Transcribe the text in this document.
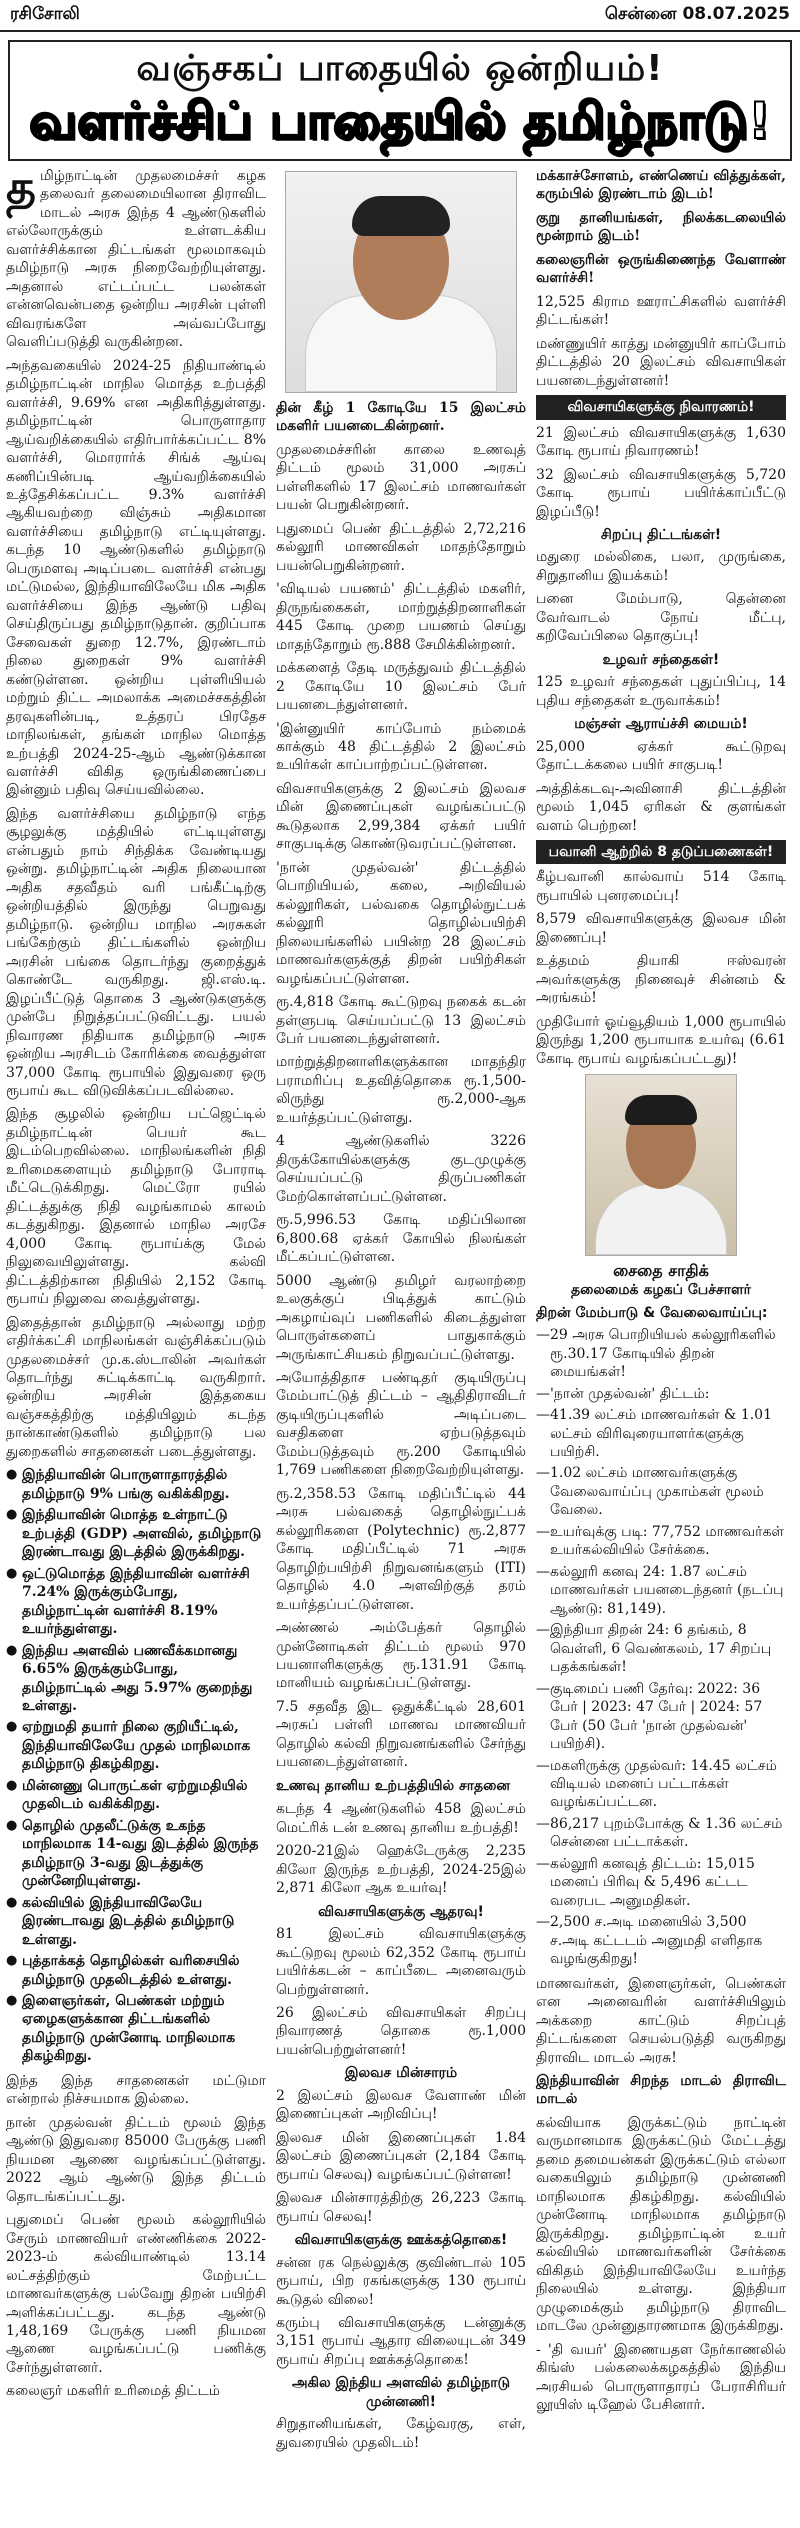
ரசிசோலி	சென்னை 08.07.2025
வஞ்சகப் பாதையில் ஒன்றியம்!
வளர்ச்சிப் பாதையில் தமிழ்நாடு!

தமிழ்நாட்டின் முதலமைச்சர் கழக தலைவர் தலைமையிலான திராவிட மாடல் அரசு இந்த 4 ஆண்டுகளில் எல்லோருக்கும் உள்ளடக்கிய வளர்ச்சிக்கான திட்டங்கள் மூலமாகவும் தமிழ்நாடு அரசு நிறைவேற்றியுள்ளது. அதனால் எட்டப்பட்ட பலன்கள் என்னவென்பதை ஒன்றிய அரசின் புள்ளி விவரங்களே அவ்வப்போது வெளிப்படுத்தி வருகின்றன.

அந்தவகையில் 2024-25 நிதியாண்டில் தமிழ்நாட்டின் மாநில மொத்த உற்பத்தி வளர்ச்சி, 9.69% என அதிகரித்துள்ளது. தமிழ்நாட்டின் பொருளாதார ஆய்வறிக்கையில் எதிர்பார்க்கப்பட்ட 8% வளர்ச்சி, மொரார்க் சிங்க் ஆய்வு கணிப்பின்படி ஆய்வறிக்கையில் உத்தேசிக்கப்பட்ட 9.3% வளர்ச்சி ஆகியவற்றை விஞ்சும் அதிகமான வளர்ச்சியை தமிழ்நாடு எட்டியுள்ளது. கடந்த 10 ஆண்டுகளில் தமிழ்நாடு பெருமளவு அடிப்படை வளர்ச்சி என்பது மட்டுமல்ல, இந்தியாவிலேயே மிக அதிக வளர்ச்சியை இந்த ஆண்டு பதிவு செய்திருப்பது தமிழ்நாடுதான். குறிப்பாக சேவைகள் துறை 12.7%, இரண்டாம் நிலை துறைகள் 9% வளர்ச்சி கண்டுள்ளன. ஒன்றிய புள்ளியியல் மற்றும் திட்ட அமலாக்க அமைச்சகத்தின் தரவுகளின்படி, உத்தரப் பிரதேச மாநிலங்கள், தங்கள் மாநில மொத்த உற்பத்தி 2024-25-ஆம் ஆண்டுக்கான வளர்ச்சி விகித ஒருங்கிணைப்பை இன்னும் பதிவு செய்யவில்லை.

இந்த வளர்ச்சியை தமிழ்நாடு எந்த சூழலுக்கு மத்தியில் எட்டியுள்ளது என்பதும் நாம் சிந்திக்க வேண்டியது ஒன்று. தமிழ்நாட்டின் அதிக நிலையான அதிக சதவீதம் வரி பங்கீட்டிற்கு ஒன்றியத்தில் இருந்து பெறுவது தமிழ்நாடு. ஒன்றிய மாநில அரசுகள் பங்கேற்கும் திட்டங்களில் ஒன்றிய அரசின் பங்கை தொடர்ந்து குறைத்துக் கொண்டே வருகிறது. ஜி.எஸ்.டி. இழப்பீட்டுத் தொகை 3 ஆண்டுகளுக்கு முன்பே நிறுத்தப்பட்டுவிட்டது. பயல் நிவாரண நிதியாக தமிழ்நாடு அரசு ஒன்றிய அரசிடம் கோரிக்கை வைத்துள்ள 37,000 கோடி ரூபாயில் இதுவரை ஒரு ரூபாய் கூட விடுவிக்கப்படவில்லை.

இந்த சூழலில் ஒன்றிய பட்ஜெட்டில் தமிழ்நாட்டின் பெயர் கூட இடம்பெறவில்லை. மாநிலங்களின் நிதி உரிமைகளையும் தமிழ்நாடு போராடி மீட்டெடுக்கிறது. மெட்ரோ ரயில் திட்டத்துக்கு நிதி வழங்காமல் காலம் கடத்துகிறது. இதனால் மாநில அரசே 4,000 கோடி ரூபாய்க்கு மேல் நிலுவையிலுள்ளது. கல்வி திட்டத்திற்கான நிதியில் 2,152 கோடி ரூபாய் நிலுவை வைத்துள்ளது.

இதைத்தான் தமிழ்நாடு அல்லாது மற்ற எதிர்க்கட்சி மாநிலங்கள் வஞ்சிக்கப்படும் முதலமைச்சர் மு.க.ஸ்டாலின் அவர்கள் தொடர்ந்து சுட்டிக்காட்டி வருகிறார். ஒன்றிய அரசின் இத்தகைய வஞ்சகத்திற்கு மத்தியிலும் கடந்த நான்காண்டுகளில் தமிழ்நாடு பல துறைகளில் சாதனைகள் படைத்துள்ளது.

● இந்தியாவின் பொருளாதாரத்தில் தமிழ்நாடு 9% பங்கு வகிக்கிறது.
● இந்தியாவின் மொத்த உள்நாட்டு உற்பத்தி (GDP) அளவில், தமிழ்நாடு இரண்டாவது இடத்தில் இருக்கிறது.
● ஒட்டுமொத்த இந்தியாவின் வளர்ச்சி 7.24% இருக்கும்போது, தமிழ்நாட்டின் வளர்ச்சி 8.19% உயர்ந்துள்ளது.
● இந்திய அளவில் பணவீக்கமானது 6.65% இருக்கும்போது, தமிழ்நாட்டில் அது 5.97% குறைந்து உள்ளது.
● ஏற்றுமதி தயார் நிலை குறியீட்டில், இந்தியாவிலேயே முதல் மாநிலமாக தமிழ்நாடு திகழ்கிறது.
● மின்னணு பொருட்கள் ஏற்றுமதியில் முதலிடம் வகிக்கிறது.
● தொழில் முதலீட்டுக்கு உகந்த மாநிலமாக 14-வது இடத்தில் இருந்த தமிழ்நாடு 3-வது இடத்துக்கு முன்னேறியுள்ளது.
● கல்வியில் இந்தியாவிலேயே இரண்டாவது இடத்தில் தமிழ்நாடு உள்ளது.
● புத்தாக்கத் தொழில்கள் வரிசையில் தமிழ்நாடு முதலிடத்தில் உள்ளது.
● இளைஞர்கள், பெண்கள் மற்றும் ஏழைகளுக்கான திட்டங்களில் தமிழ்நாடு முன்னோடி மாநிலமாக திகழ்கிறது.

இந்த இந்த சாதனைகள் மட்டுமா என்றால் நிச்சயமாக இல்லை.

நான் முதல்வன் திட்டம் மூலம் இந்த ஆண்டு இதுவரை 85000 பேருக்கு பணி நியமன ஆணை வழங்கப்பட்டுள்ளது. 2022 ஆம் ஆண்டு இந்த திட்டம் தொடங்கப்பட்டது.

புதுமைப் பெண் மூலம் கல்லூரியில் சேரும் மாணவியர் எண்ணிக்கை 2022-2023-ம் கல்வியாண்டில் 13.14 லட்சத்திற்கும் மேற்பட்ட மாணவர்களுக்கு பல்வேறு திறன் பயிற்சி அளிக்கப்பட்டது. கடந்த ஆண்டு 1,48,169 பேருக்கு பணி நியமன ஆணை வழங்கப்பட்டு பணிக்கு சேர்ந்துள்ளனர்.

கலைஞர் மகளிர் உரிமைத் திட்டம்

தின் கீழ் 1 கோடியே 15 இலட்சம் மகளிர் பயனடைகின்றனர்.

முதலமைச்சரின் காலை உணவுத் திட்டம் மூலம் 31,000 அரசுப் பள்ளிகளில் 17 இலட்சம் மாணவர்கள் பயன் பெறுகின்றனர்.

புதுமைப் பெண் திட்டத்தில் 2,72,216 கல்லூரி மாணவிகள் மாதந்தோறும் பயன்பெறுகின்றனர்.

'விடியல் பயணம்' திட்டத்தில் மகளிர், திருநங்கைகள், மாற்றுத்திறனாளிகள் 445 கோடி முறை பயணம் செய்து மாதந்தோறும் ரூ.888 சேமிக்கின்றனர்.

மக்களைத் தேடி மருத்துவம் திட்டத்தில் 2 கோடியே 10 இலட்சம் பேர் பயனடைந்துள்ளனர்.

'இன்னுயிர் காப்போம் நம்மைக் காக்கும் 48 திட்டத்தில் 2 இலட்சம் உயிர்கள் காப்பாற்றப்பட்டுள்ளன.

விவசாயிகளுக்கு 2 இலட்சம் இலவச மின் இணைப்புகள் வழங்கப்பட்டு கூடுதலாக 2,99,384 ஏக்கர் பயிர் சாகுபடிக்கு கொண்டுவரப்பட்டுள்ளன.

'நான் முதல்வன்' திட்டத்தில் பொறியியல், கலை, அறிவியல் கல்லூரிகள், பல்வகை தொழில்நுட்பக் கல்லூரி தொழில்பயிற்சி நிலையங்களில் பயின்ற 28 இலட்சம் மாணவர்களுக்குத் திறன் பயிற்சிகள் வழங்கப்பட்டுள்ளன.

ரூ.4,818 கோடி கூட்டுறவு நகைக் கடன் தள்ளுபடி செய்யப்பட்டு 13 இலட்சம் பேர் பயனடைந்துள்ளனர்.

மாற்றுத்திறனாளிகளுக்கான மாதந்திர பராமரிப்பு உதவித்தொகை ரூ.1,500-லிருந்து ரூ.2,000-ஆக உயர்த்தப்பட்டுள்ளது.

4 ஆண்டுகளில் 3226 திருக்கோயில்களுக்கு குடமுழுக்கு செய்யப்பட்டு திருப்பணிகள் மேற்கொள்ளப்பட்டுள்ளன.

ரூ.5,996.53 கோடி மதிப்பிலான 6,800.68 ஏக்கர் கோயில் நிலங்கள் மீட்கப்பட்டுள்ளன.

5000 ஆண்டு தமிழர் வரலாற்றை உலகுக்குப் பிடித்துக் காட்டும் அகழாய்வுப் பணிகளில் கிடைத்துள்ள பொருள்களைப் பாதுகாக்கும் அருங்காட்சியகம் நிறுவப்பட்டுள்ளது.

அயோத்திதாச பண்டிதர் குடியிருப்பு மேம்பாட்டுத் திட்டம் – ஆதிதிராவிடர் குடியிருப்புகளில் அடிப்படை வசதிகளை ஏற்படுத்தவும் மேம்படுத்தவும் ரூ.200 கோடியில் 1,769 பணிகளை நிறைவேற்றியுள்ளது.

ரூ.2,358.53 கோடி மதிப்பீட்டில் 44 அரசு பல்வகைத் தொழில்நுட்பக் கல்லூரிகளை (Polytechnic) ரூ.2,877 கோடி மதிப்பீட்டில் 71 அரசு தொழிற்பயிற்சி நிறுவனங்களும் (ITI) தொழில் 4.0 அளவிற்குத் தரம் உயர்த்தப்பட்டுள்ளன.

அண்ணல் அம்பேத்கர் தொழில் முன்னோடிகள் திட்டம் மூலம் 970 பயனாளிகளுக்கு ரூ.131.91 கோடி மானியம் வழங்கப்பட்டுள்ளது.

7.5 சதவீத இட ஒதுக்கீட்டில் 28,601 அரசுப் பள்ளி மாணவ மாணவியர் தொழில் கல்வி நிறுவனங்களில் சேர்ந்து பயனடைந்துள்ளனர்.

உணவு தானிய உற்பத்தியில் சாதனை

கடந்த 4 ஆண்டுகளில் 458 இலட்சம் மெட்ரிக் டன் உணவு தானிய உற்பத்தி!

2020-21இல் ஹெக்டேருக்கு 2,235 கிலோ இருந்த உற்பத்தி, 2024-25இல் 2,871 கிலோ ஆக உயர்வு!

விவசாயிகளுக்கு ஆதரவு!

81 இலட்சம் விவசாயிகளுக்கு கூட்டுறவு மூலம் 62,352 கோடி ரூபாய் பயிர்க்கடன் – காப்பீடை அனைவரும் பெற்றுள்ளனர்.

26 இலட்சம் விவசாயிகள் சிறப்பு நிவாரணத் தொகை ரூ.1,000 பயன்பெற்றுள்ளனர்!

இலவச மின்சாரம்

2 இலட்சம் இலவச வேளாண் மின் இணைப்புகள் அறிவிப்பு!

இலவச மின் இணைப்புகள் 1.84 இலட்சம் இணைப்புகள் (2,184 கோடி ரூபாய் செலவு) வழங்கப்பட்டுள்ளன!

இலவச மின்சாரத்திற்கு 26,223 கோடி ரூபாய் செலவு!

விவசாயிகளுக்கு ஊக்கத்தொகை!

சன்ன ரக நெல்லுக்கு குவிண்டால் 105 ரூபாய், பிற ரகங்களுக்கு 130 ரூபாய் கூடுதல் விலை!

கரும்பு விவசாயிகளுக்கு டன்னுக்கு 3,151 ரூபாய் ஆதார விலையுடன் 349 ரூபாய் சிறப்பு ஊக்கத்தொகை!

அகில இந்திய அளவில் தமிழ்நாடு முன்னணி!

சிறுதானியங்கள், கேழ்வரகு, எள், துவரையில் முதலிடம்!

மக்காச்சோளம், எண்ணெய் வித்துக்கள், கரும்பில் இரண்டாம் இடம்!

குறு தானியங்கள், நிலக்கடலையில் மூன்றாம் இடம்!

கலைஞரின் ஒருங்கிணைந்த வேளாண் வளர்ச்சி!

12,525 கிராம ஊராட்சிகளில் வளர்ச்சி திட்டங்கள்!

மண்ணுயிர் காத்து மன்னுயிர் காப்போம் திட்டத்தில் 20 இலட்சம் விவசாயிகள் பயனடைந்துள்ளனர்!

விவசாயிகளுக்கு நிவாரணம்!

21 இலட்சம் விவசாயிகளுக்கு 1,630 கோடி ரூபாய் நிவாரணம்!

32 இலட்சம் விவசாயிகளுக்கு 5,720 கோடி ரூபாய் பயிர்க்காப்பீட்டு இழப்பீடு!

சிறப்பு திட்டங்கள்!

மதுரை மல்லிகை, பலா, முருங்கை, சிறுதானிய இயக்கம்!

பனை மேம்பாடு, தென்னை வேர்வாடல் நோய் மீட்பு, கறிவேப்பிலை தொகுப்பு!

உழவர் சந்தைகள்!

125 உழவர் சந்தைகள் புதுப்பிப்பு, 14 புதிய சந்தைகள் உருவாக்கம்!

மஞ்சள் ஆராய்ச்சி மையம்!

25,000 ஏக்கர் கூட்டுறவு தோட்டக்கலை பயிர் சாகுபடி!

அத்திக்கடவு-அவினாசி திட்டத்தின் மூலம் 1,045 ஏரிகள் & குளங்கள் வளம் பெற்றன!

பவானி ஆற்றில் 8 தடுப்பணைகள்!

கீழ்பவானி கால்வாய் 514 கோடி ரூபாயில் புனரமைப்பு!

8,579 விவசாயிகளுக்கு இலவச மின் இணைப்பு!

உத்தமம் தியாகி ஈஸ்வரன் அவர்களுக்கு நினைவுச் சின்னம் & அரங்கம்!

முதியோர் ஓய்வூதியம் 1,000 ரூபாயில் இருந்து 1,200 ரூபாயாக உயர்வு (6.61 கோடி ரூபாய் வழங்கப்பட்டது)!

சைதை சாதிக்
தலைமைக் கழகப் பேச்சாளர்
திறன் மேம்பாடு & வேலைவாய்ப்பு:
— 29 அரசு பொறியியல் கல்லூரிகளில் ரூ.30.17 கோடியில் திறன் மையங்கள்!
— 'நான் முதல்வன்' திட்டம்:
— 41.39 லட்சம் மாணவர்கள் & 1.01 லட்சம் விரிவுரையாளர்களுக்கு பயிற்சி.
— 1.02 லட்சம் மாணவர்களுக்கு வேலைவாய்ப்பு முகாம்கள் மூலம் வேலை.
— உயர்வுக்கு படி: 77,752 மாணவர்கள் உயர்கல்வியில் சேர்க்கை.
— கல்லூரி கனவு 24: 1.87 லட்சம் மாணவர்கள் பயனடைந்தனர் (நடப்பு ஆண்டு: 81,149).
— இந்தியா திறன் 24: 6 தங்கம், 8 வெள்ளி, 6 வெண்கலம், 17 சிறப்பு பதக்கங்கள்!
— குடிமைப் பணி தேர்வு: 2022: 36 பேர் | 2023: 47 பேர் | 2024: 57 பேர் (50 பேர் 'நான் முதல்வன்' பயிற்சி).
— மகளிருக்கு முதல்வர்: 14.45 லட்சம் விடியல் மனைப் பட்டாக்கள் வழங்கப்பட்டன.
— 86,217 புறம்போக்கு & 1.36 லட்சம் சென்னை பட்டாக்கள்.
— கல்லூரி கனவுத் திட்டம்: 15,015 மனைப் பிரிவு & 5,496 கட்டட வரைபட அனுமதிகள்.
— 2,500 ச.அடி மனையில் 3,500 ச.அடி கட்டடம் அனுமதி எளிதாக வழங்குகிறது!

மாணவர்கள், இளைஞர்கள், பெண்கள் என அனைவரின் வளர்ச்சியிலும் அக்கறை காட்டும் சிறப்புத் திட்டங்களை செயல்படுத்தி வருகிறது திராவிட மாடல் அரசு!

இந்தியாவின் சிறந்த மாடல் திராவிட மாடல்

கல்வியாக இருக்கட்டும் நாட்டின் வருமானமாக இருக்கட்டும் மேட்டத்து தமை தமையன்கள் இருக்கட்டும் எல்லா வகையிலும் தமிழ்நாடு முன்னணி மாநிலமாக திகழ்கிறது. கல்வியில் முன்னோடி மாநிலமாக தமிழ்நாடு இருக்கிறது. தமிழ்நாட்டின் உயர் கல்வியில் மாணவர்களின் சேர்க்கை விகிதம் இந்தியாவிலேயே உயர்ந்த நிலையில் உள்ளது. இந்தியா முழுமைக்கும் தமிழ்நாடு திராவிட மாடலே முன்னுதாரணமாக இருக்கிறது.

- 'தி வயர்' இணையதள நேர்காணலில் கிங்ஸ் பல்கலைக்கழகத்தில் இந்திய அரசியல் பொருளாதாரப் பேராசிரியர் லூயிஸ் டிஹேல் பேசினார்.
